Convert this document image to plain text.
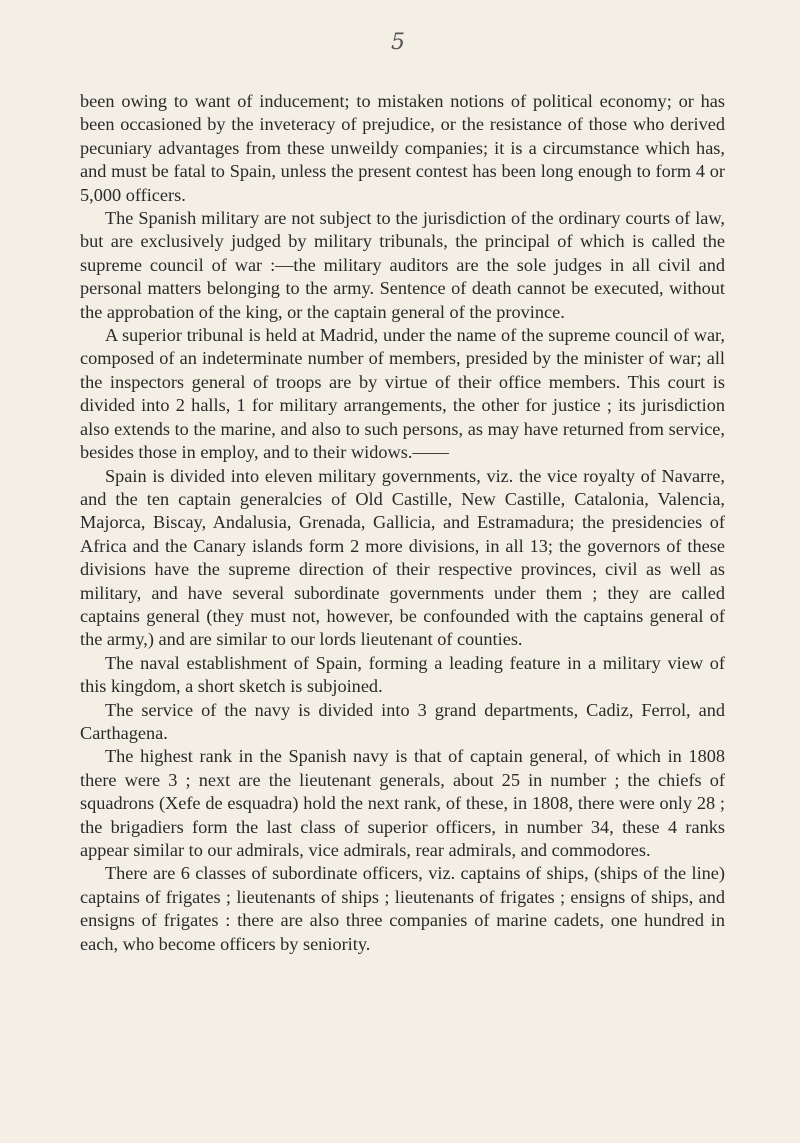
5

been owing to want of inducement; to mistaken notions of political economy; or has been occasioned by the inveteracy of prejudice, or the resistance of those who derived pecuniary advantages from these unweildy companies; it is a circumstance which has, and must be fatal to Spain, unless the present contest has been long enough to form 4 or 5,000 officers.

The Spanish military are not subject to the jurisdiction of the ordinary courts of law, but are exclusively judged by military tribunals, the principal of which is called the supreme council of war :—the military auditors are the sole judges in all civil and personal matters belonging to the army. Sentence of death cannot be executed, without the approbation of the king, or the captain general of the province.

A superior tribunal is held at Madrid, under the name of the supreme council of war, composed of an indeterminate number of members, presided by the minister of war; all the inspectors general of troops are by virtue of their office members. This court is divided into 2 halls, 1 for military arrangements, the other for justice ; its jurisdiction also extends to the marine, and also to such persons, as may have returned from service, besides those in employ, and to their widows.——

Spain is divided into eleven military governments, viz. the vice royalty of Navarre, and the ten captain generalcies of Old Castille, New Castille, Catalonia, Valencia, Majorca, Biscay, Andalusia, Grenada, Gallicia, and Estramadura; the presidencies of Africa and the Canary islands form 2 more divisions, in all 13; the governors of these divisions have the supreme direction of their respective provinces, civil as well as military, and have several subordinate governments under them ; they are called captains general (they must not, however, be confounded with the captains general of the army,) and are similar to our lords lieutenant of counties.

The naval establishment of Spain, forming a leading feature in a military view of this kingdom, a short sketch is subjoined.

The service of the navy is divided into 3 grand departments, Cadiz, Ferrol, and Carthagena.

The highest rank in the Spanish navy is that of captain general, of which in 1808 there were 3 ; next are the lieutenant generals, about 25 in number ; the chiefs of squadrons (Xefe de esquadra) hold the next rank, of these, in 1808, there were only 28 ; the brigadiers form the last class of superior officers, in number 34, these 4 ranks appear similar to our admirals, vice admirals, rear admirals, and commodores.

There are 6 classes of subordinate officers, viz. captains of ships, (ships of the line) captains of frigates ; lieutenants of ships ; lieutenants of frigates ; ensigns of ships, and ensigns of frigates : there are also three companies of marine cadets, one hundred in each, who become officers by seniority.
